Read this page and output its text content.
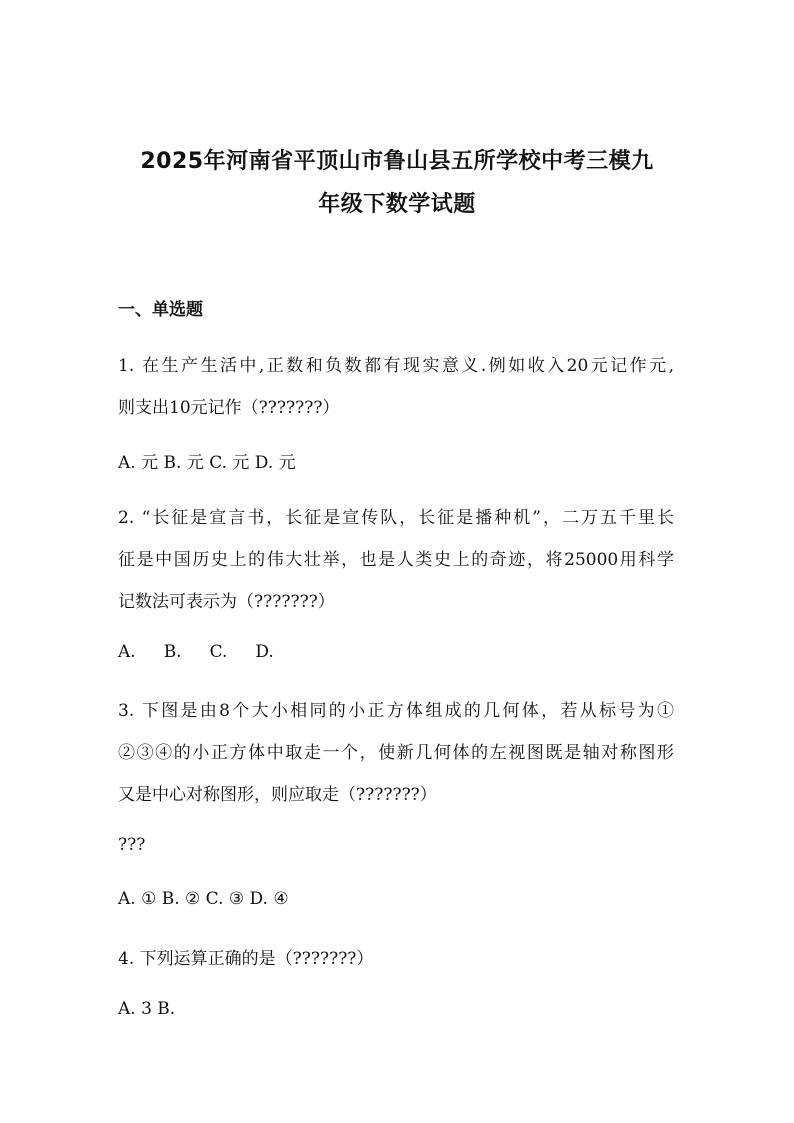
2025年河南省平顶山市鲁山县五所学校中考三模九
年级下数学试题
一、单选题
1. 在生产生活中,正数和负数都有现实意义.例如收入20元记作元,
则支出10元记作（???????）
A. 元 B. 元 C. 元 D. 元
2. “长征是宣言书，长征是宣传队，长征是播种机”，二万五千里长
征是中国历史上的伟大壮举，也是人类史上的奇迹，将25000用科学
记数法可表示为（???????）
A. B. C. D.
3. 下图是由8个大小相同的小正方体组成的几何体，若从标号为①
②③④的小正方体中取走一个，使新几何体的左视图既是轴对称图形
又是中心对称图形，则应取走（???????）
???
A. ① B. ② C. ③ D. ④
4. 下列运算正确的是（???????）
A. 3 B.
